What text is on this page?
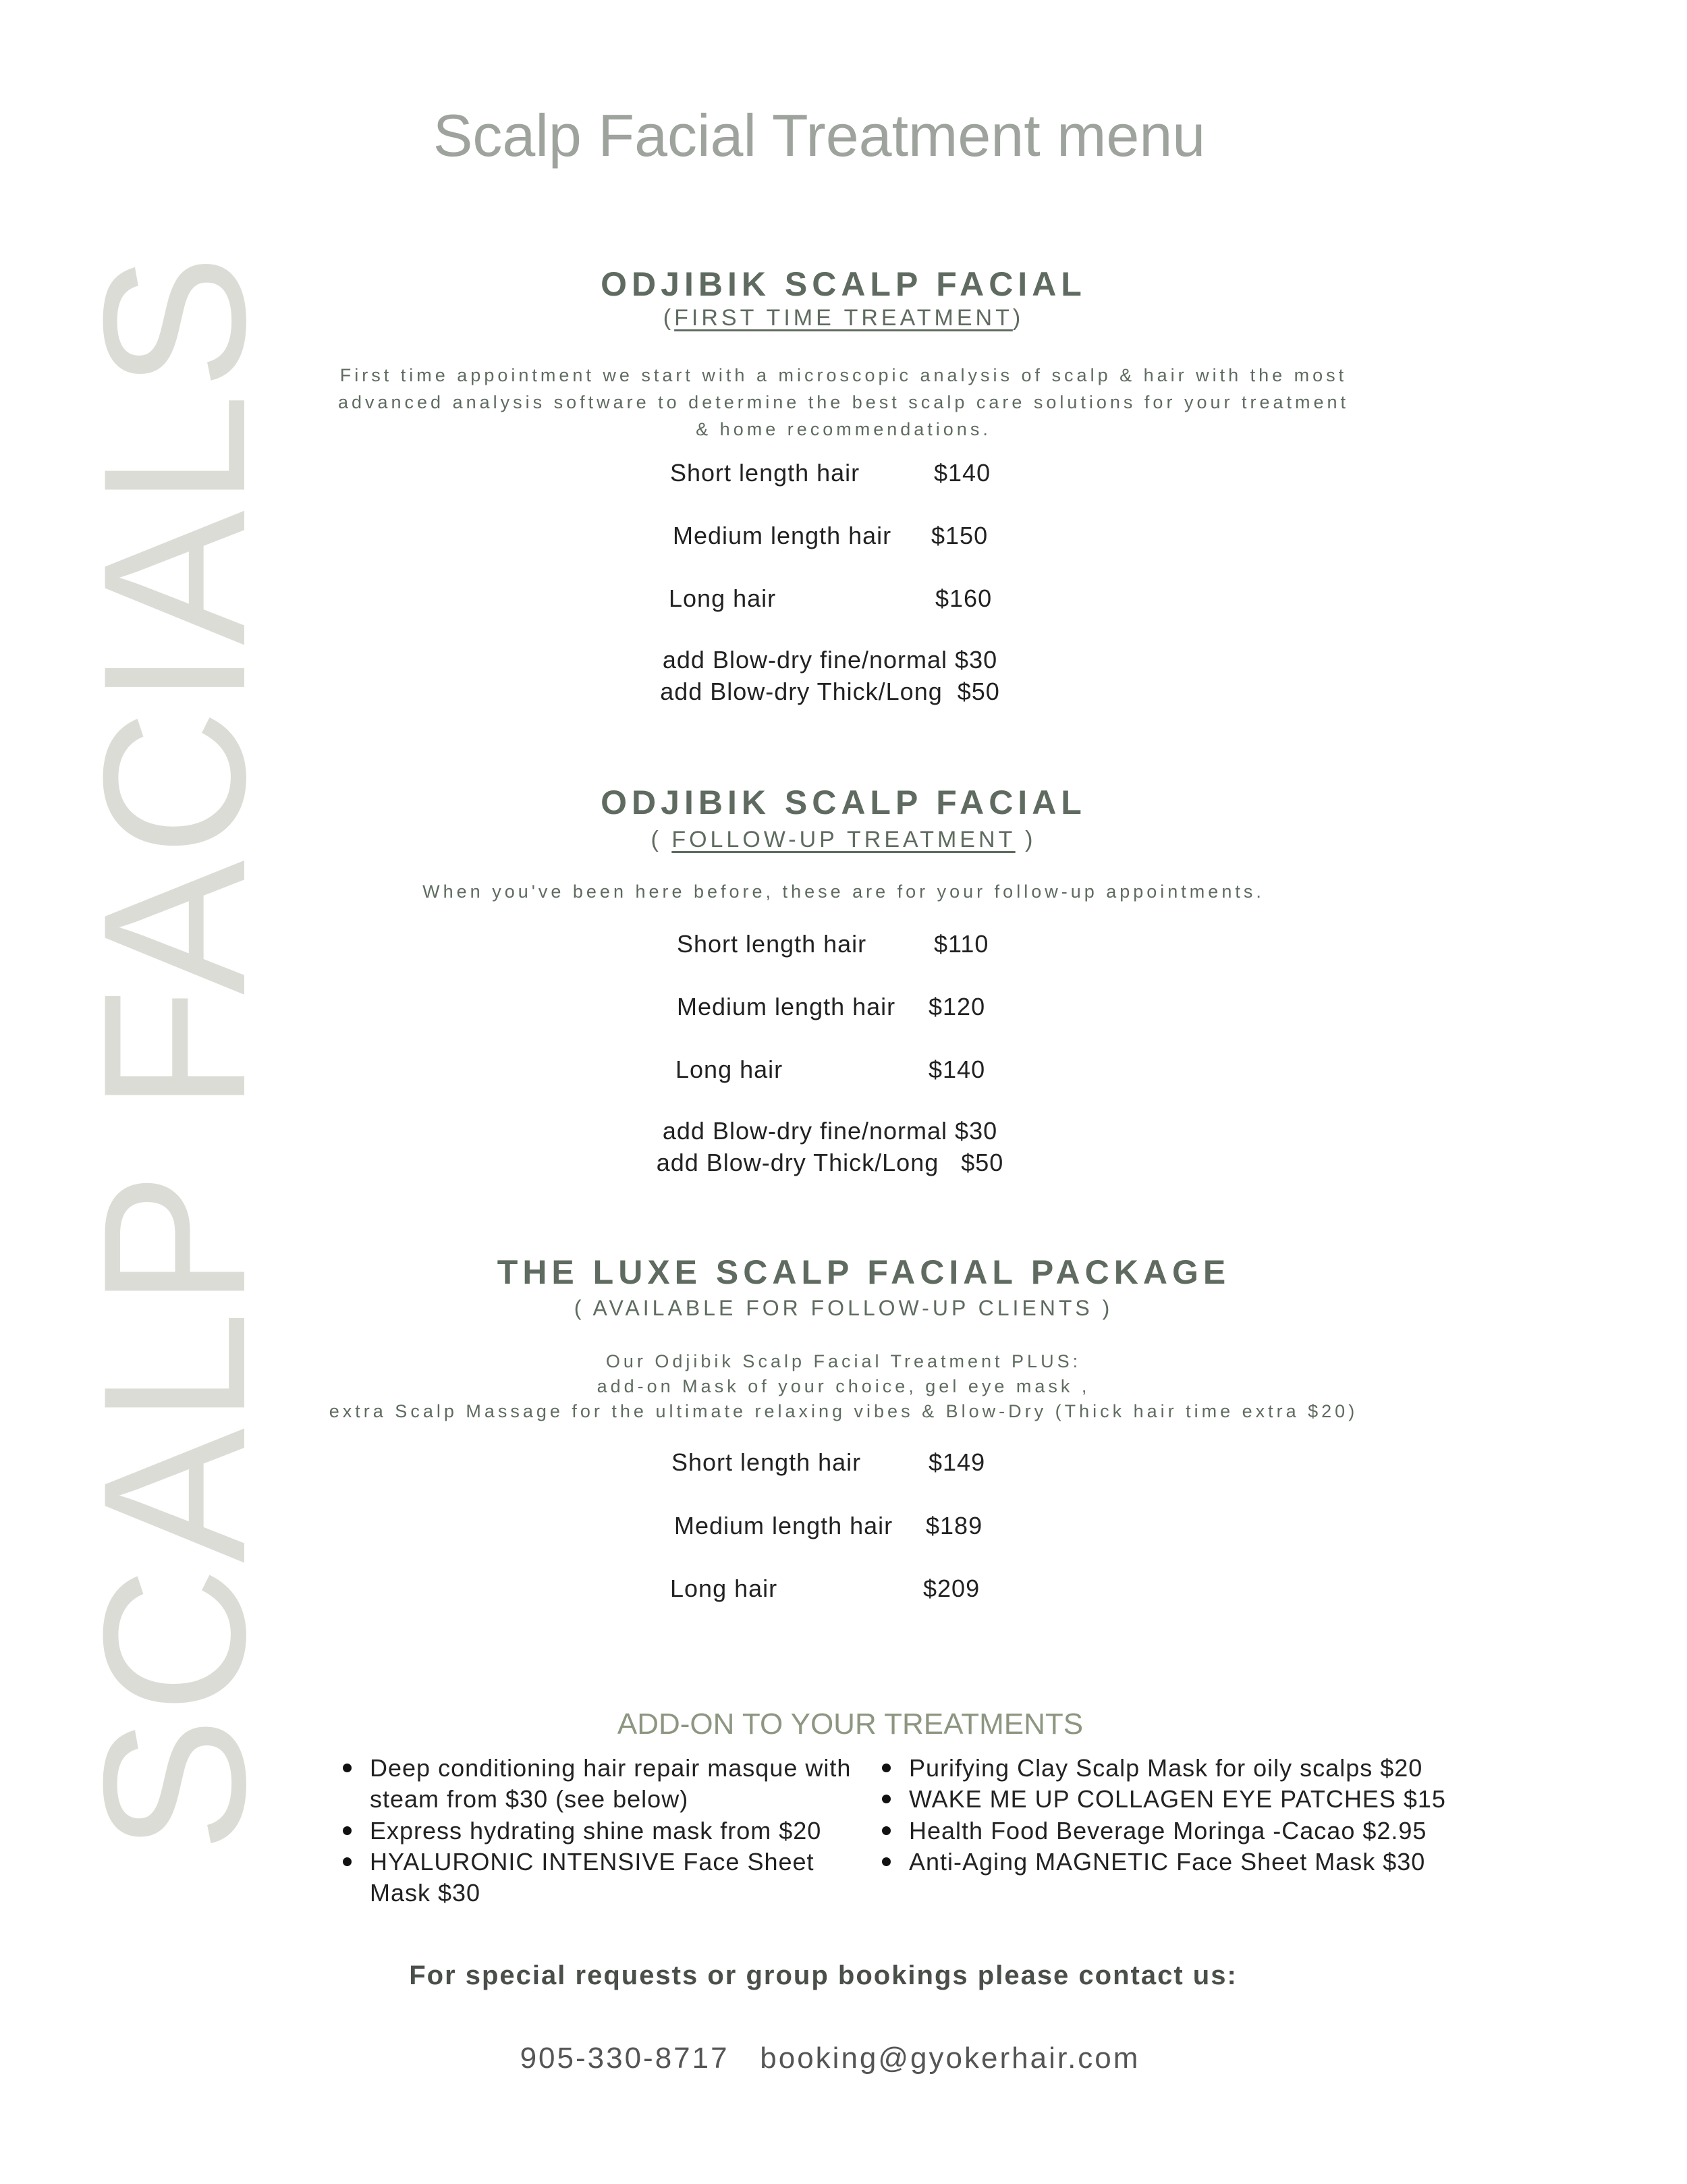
Scalp Facial Treatment menu
SCALP FACIALS	ODJIBIK SCALP FACIAL
(FIRST TIME TREATMENT)
First time appointment we start with a microscopic analysis of scalp & hair with the most
advanced analysis software to determine the best scalp care solutions for your treatment
& home recommendations.
Short length hair	$140
Medium length hair $150
Long hair	$160
add Blow-dry fine/normal $30
add Blow-dry Thick/Long  $50
ODJIBIK SCALP FACIAL
( FOLLOW-UP TREATMENT )
When you've been here before, these are for your follow-up appointments.
Short length hair	$110
Medium length hair $120
Long hair	$140
add Blow-dry fine/normal $30
add Blow-dry Thick/Long   $50
THE LUXE SCALP FACIAL PACKAGE
( AVAILABLE FOR FOLLOW-UP CLIENTS )
Our Odjibik Scalp Facial Treatment PLUS:
add-on Mask of your choice, gel eye mask ,
extra Scalp Massage for the ultimate relaxing vibes & Blow-Dry (Thick hair time extra $20)
Short length hair	$149
Medium length hair $189
Long hair	$209
ADD-ON TO YOUR TREATMENTS
Deep conditioning hair repair masque with steam from $30 (see below)
Express hydrating shine mask from $20
HYALURONIC INTENSIVE Face Sheet Mask $30
Purifying Clay Scalp Mask for oily scalps $20
WAKE ME UP COLLAGEN EYE PATCHES $15
Health Food Beverage Moringa -Cacao $2.95
Anti-Aging MAGNETIC Face Sheet Mask $30
For special requests or group bookings please contact us:
905-330-8717 booking@gyokerhair.com
